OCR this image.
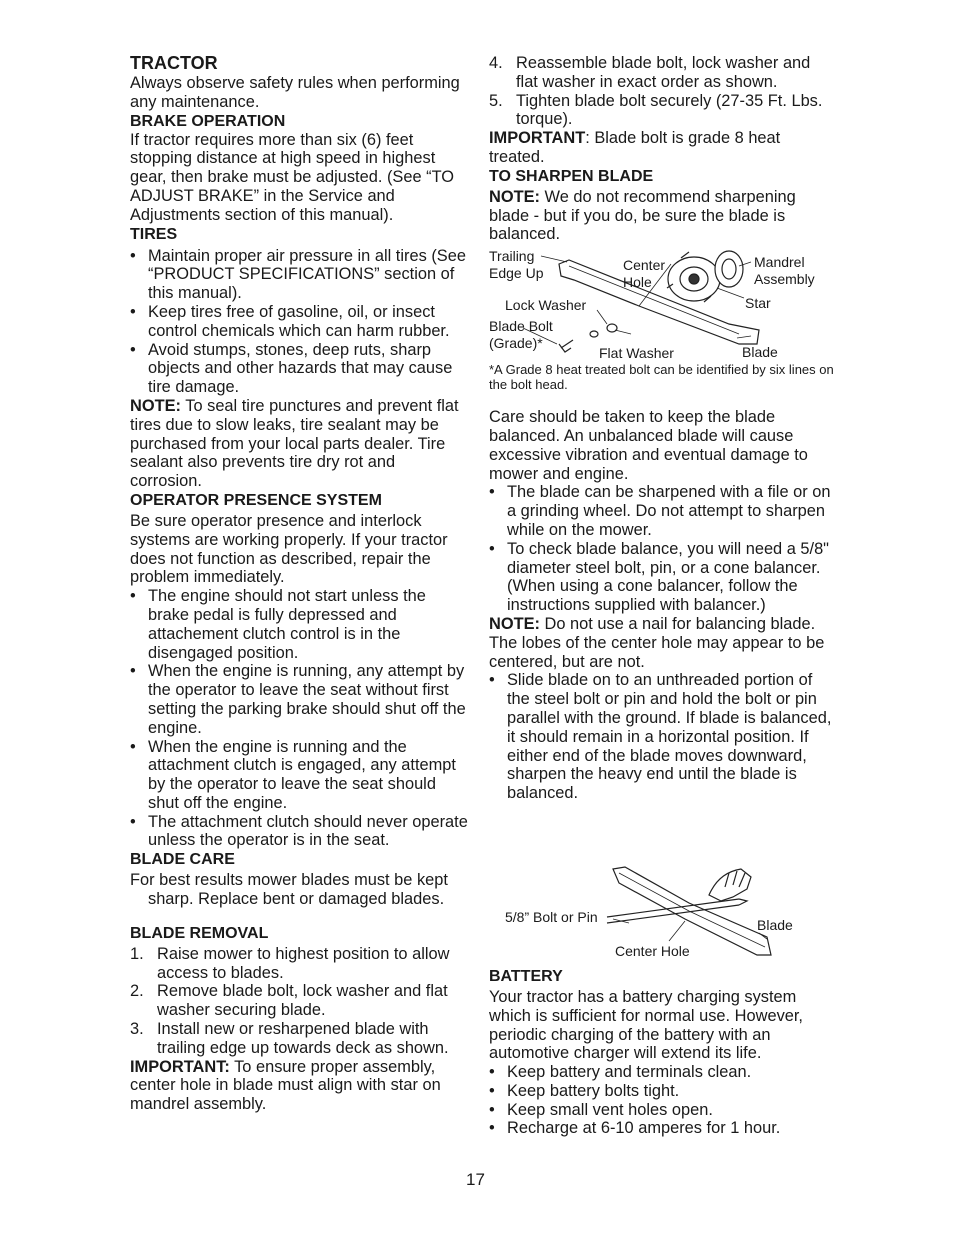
TRACTOR

Always observe safety rules when performing any maintenance.

BRAKE OPERATION

If tractor requires more than six (6) feet stopping distance at high speed in highest gear, then brake must be adjusted. (See “TO ADJUST BRAKE” in the Service and Adjustments section of this manual).

TIRES

• Maintain proper air pressure in all tires (See “PRODUCT SPECIFICATIONS” section of this manual).

• Keep tires free of gasoline, oil, or insect control chemicals which can harm rubber.

• Avoid stumps, stones, deep ruts, sharp objects and other hazards that may cause tire damage.

NOTE: To seal tire punctures and prevent flat tires due to slow leaks, tire sealant may be purchased from your local parts dealer. Tire sealant also prevents tire dry rot and corrosion.

OPERATOR PRESENCE SYSTEM

Be sure operator presence and interlock systems are working properly. If your tractor does not function as described, repair the problem immediately.

• The engine should not start unless the brake pedal is fully depressed and attachement clutch control is in the disengaged position.

• When the engine is running, any attempt by the operator to leave the seat without first setting the parking brake should shut off the engine.

• When the engine is running and the attachment clutch is engaged, any attempt by the operator to leave the seat should shut off the engine.

• The attachment clutch should never operate unless the operator is in the seat.

BLADE CARE

For best results mower blades must be kept sharp. Replace bent or damaged blades.

BLADE REMOVAL

1. Raise mower to highest position to allow access to blades.

2. Remove blade bolt, lock washer and flat washer securing blade.

3. Install new or resharpened blade with trailing edge up towards deck as shown.

IMPORTANT: To ensure proper assembly, center hole in blade must align with star on mandrel assembly.

4. Reassemble blade bolt, lock washer and flat washer in exact order as shown.

5. Tighten blade bolt securely (27-35 Ft. Lbs. torque).

IMPORTANT: Blade bolt is grade 8 heat treated.

TO SHARPEN BLADE

NOTE: We do not recommend sharpening blade - but if you do, be sure the blade is balanced.

Trailing
Edge Up	Center
Hole
Mandrel
Assembly
Star
Lock Washer
Blade Bolt
(Grade)*
Flat Washer	Blade

*A Grade 8 heat treated bolt can be identified by six lines on the bolt head.

Care should be taken to keep the blade balanced. An unbalanced blade will cause excessive vibration and eventual damage to mower and engine.

• The blade can be sharpened with a file or on a grinding wheel. Do not attempt to sharpen while on the mower.

• To check blade balance, you will need a 5/8" diameter steel bolt, pin, or a cone balancer. (When using a cone balancer, follow the instructions supplied with balancer.)

NOTE: Do not use a nail for balancing blade. The lobes of the center hole may appear to be centered, but are not.

• Slide blade on to an unthreaded portion of the steel bolt or pin and hold the bolt or pin parallel with the ground. If blade is balanced, it should remain in a horizontal position. If either end of the blade moves downward, sharpen the heavy end until the blade is balanced.

5/8” Bolt or Pin	Blade
Center Hole
BATTERY

Your tractor has a battery charging system which is sufficient for normal use. However, periodic charging of the battery with an automotive charger will extend its life.

• Keep battery and terminals clean.

• Keep battery bolts tight.

• Keep small vent holes open.

• Recharge at 6-10 amperes for 1 hour.

17
